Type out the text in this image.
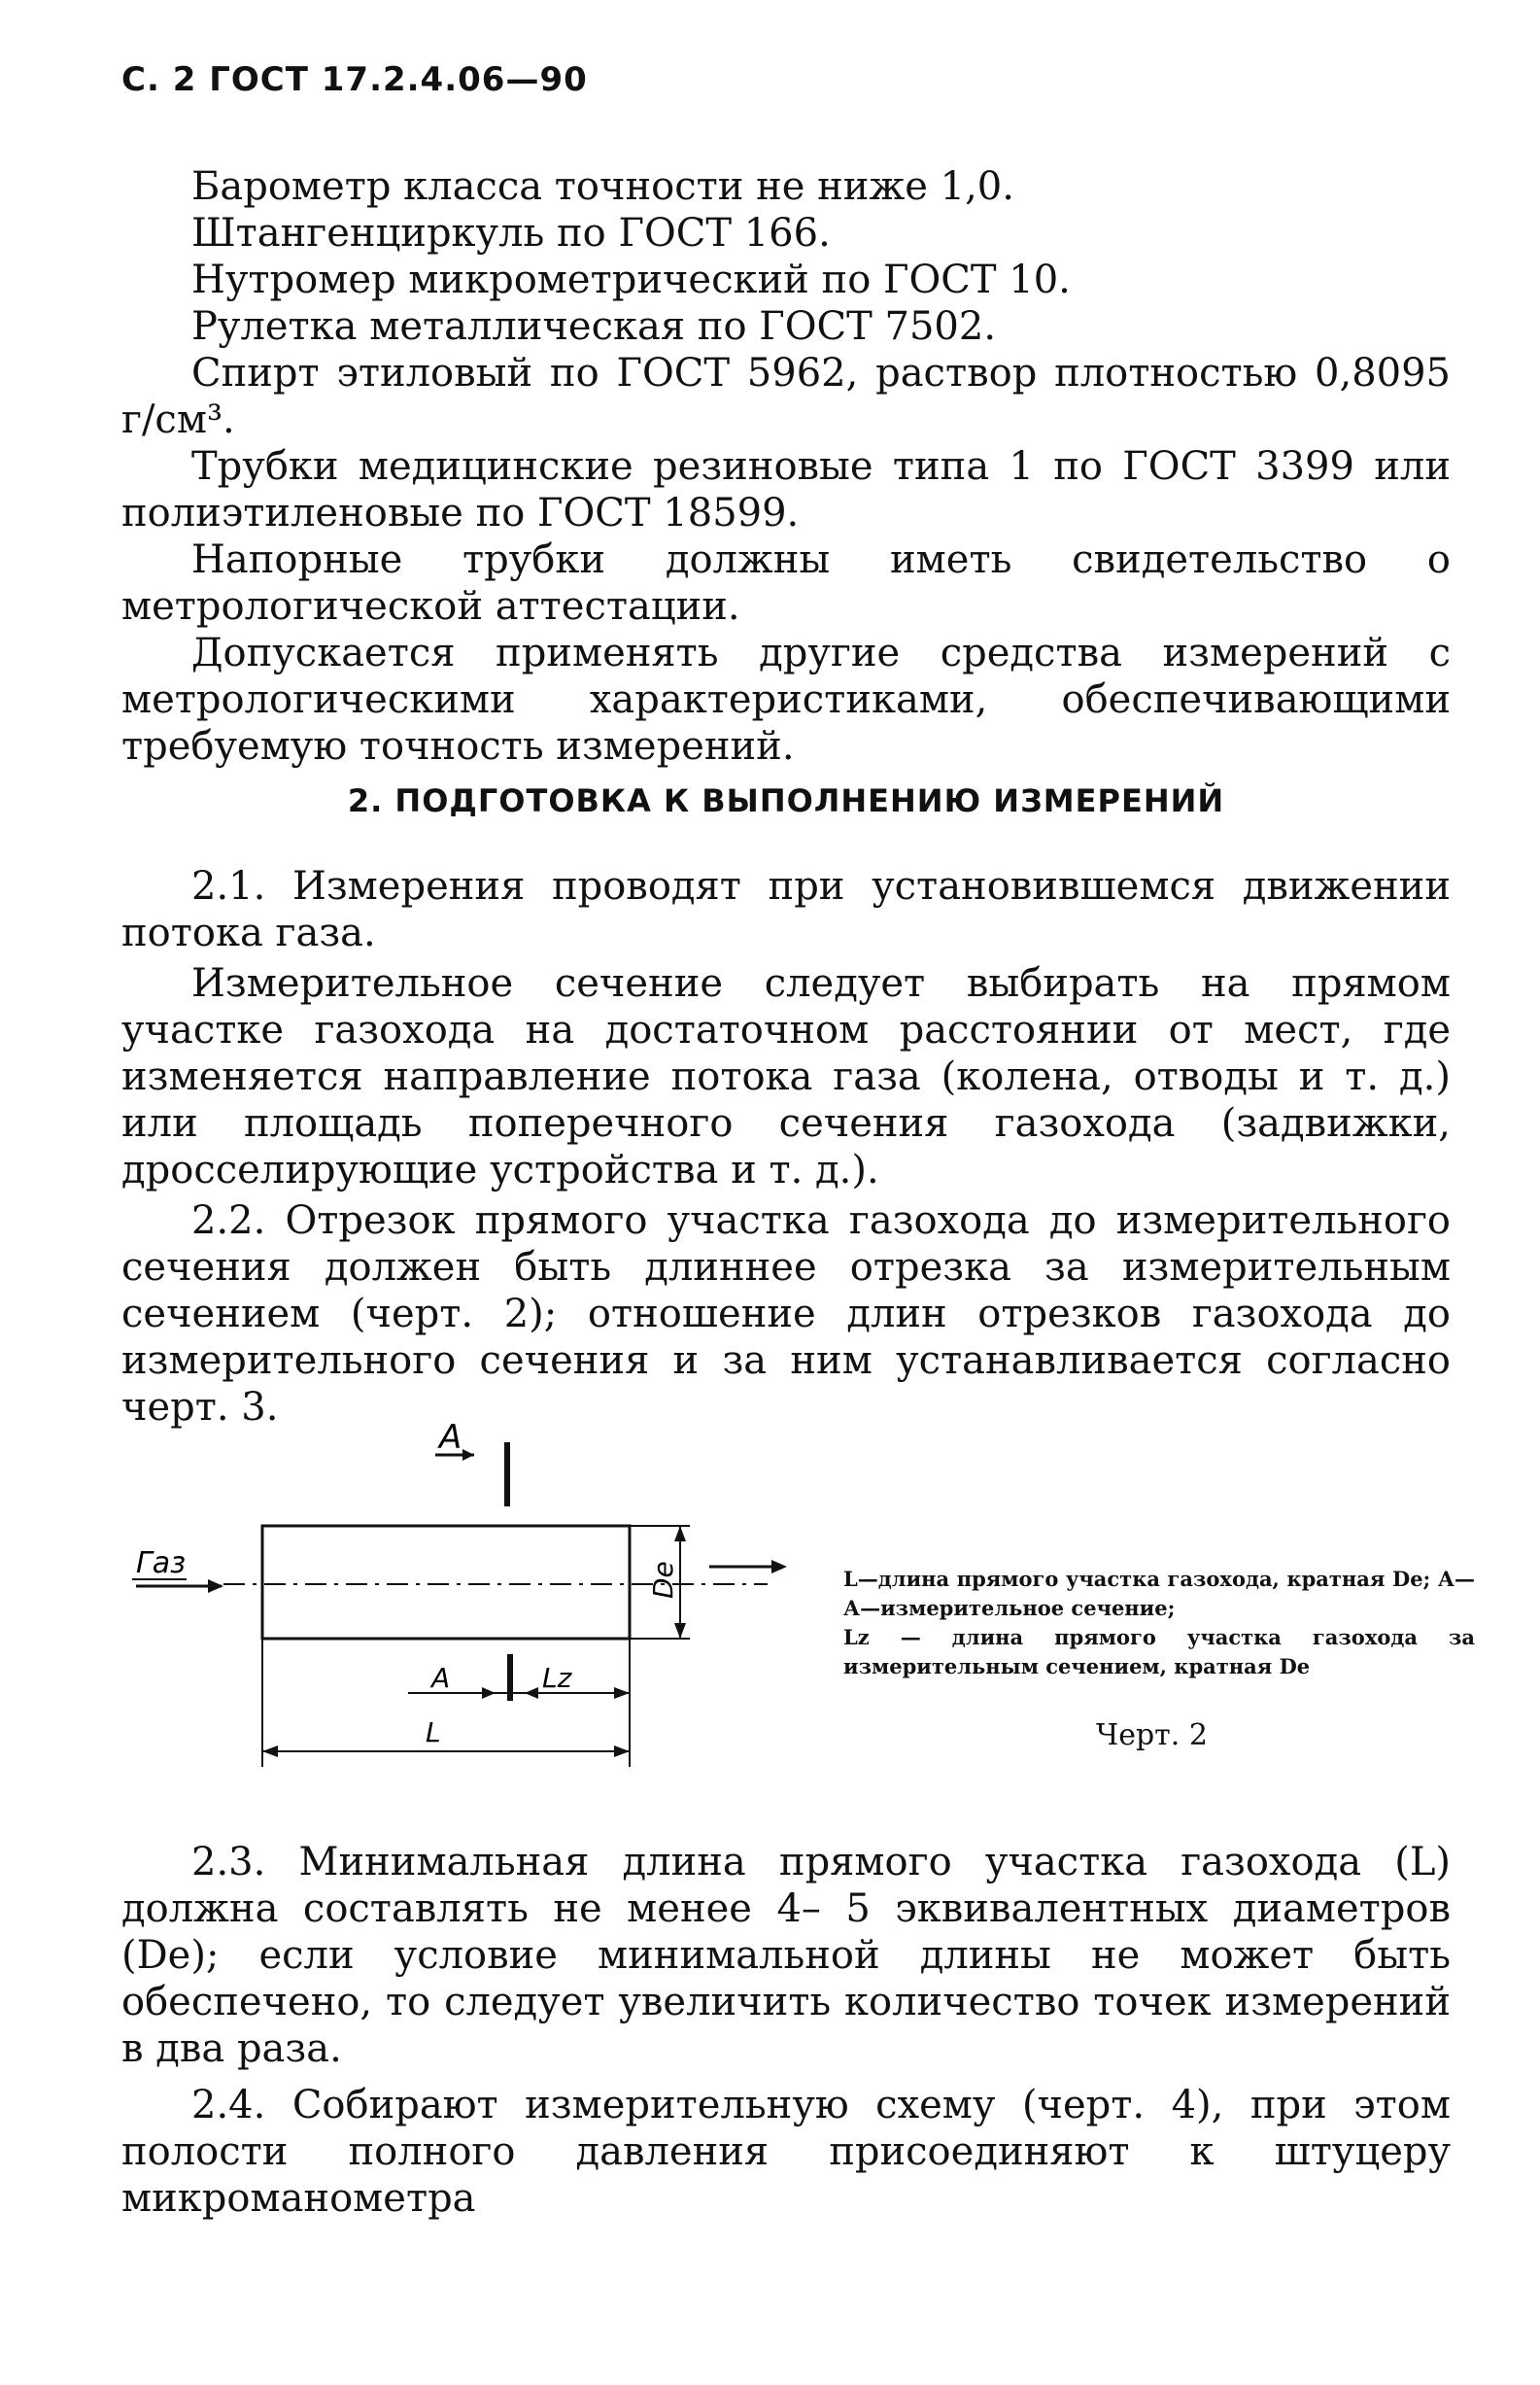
С. 2 ГОСТ 17.2.4.06—90

Барометр класса точности не ниже 1,0.

Штангенциркуль по ГОСТ 166.

Нутромер микрометрический по ГОСТ 10.

Рулетка металлическая по ГОСТ 7502.

Спирт этиловый по ГОСТ 5962, раствор плотностью 0,8095 г/см³.

Трубки медицинские резиновые типа 1 по ГОСТ 3399 или полиэтиленовые по ГОСТ 18599.

Напорные трубки должны иметь свидетельство о метрологической аттестации.

Допускается применять другие средства измерений с метрологическими характеристиками, обеспечивающими требуемую точность измерений.

2. ПОДГОТОВКА К ВЫПОЛНЕНИЮ ИЗМЕРЕНИЙ

2.1. Измерения проводят при установившемся движении потока газа.

Измерительное сечение следует выбирать на прямом участке газохода на достаточном расстоянии от мест, где изменяется направление потока газа (колена, отводы и т. д.) или площадь поперечного сечения газохода (задвижки, дросселирующие устройства и т. д.).

2.2. Отрезок прямого участка газохода до измерительного сечения должен быть длиннее отрезка за измерительным сечением (черт. 2); отношение длин отрезков газохода до измерительного сечения и за ним устанавливается согласно черт. 3.

А
Газ	De
А	Lz
L
L—длина прямого участка газохода, кратная Dе; А—А—измерительное сечение;
Lz — длина прямого участка газохода за измерительным сечением, кратная Dе
Черт. 2

2.3. Минимальная длина прямого участка газохода (L) должна составлять не менее 4– 5 эквивалентных диаметров (Dе); если условие минимальной длины не может быть обеспечено, то следует увеличить количество точек измерений в два раза.

2.4. Собирают измерительную схему (черт. 4), при этом полости полного давления присоединяют к штуцеру микроманометра
